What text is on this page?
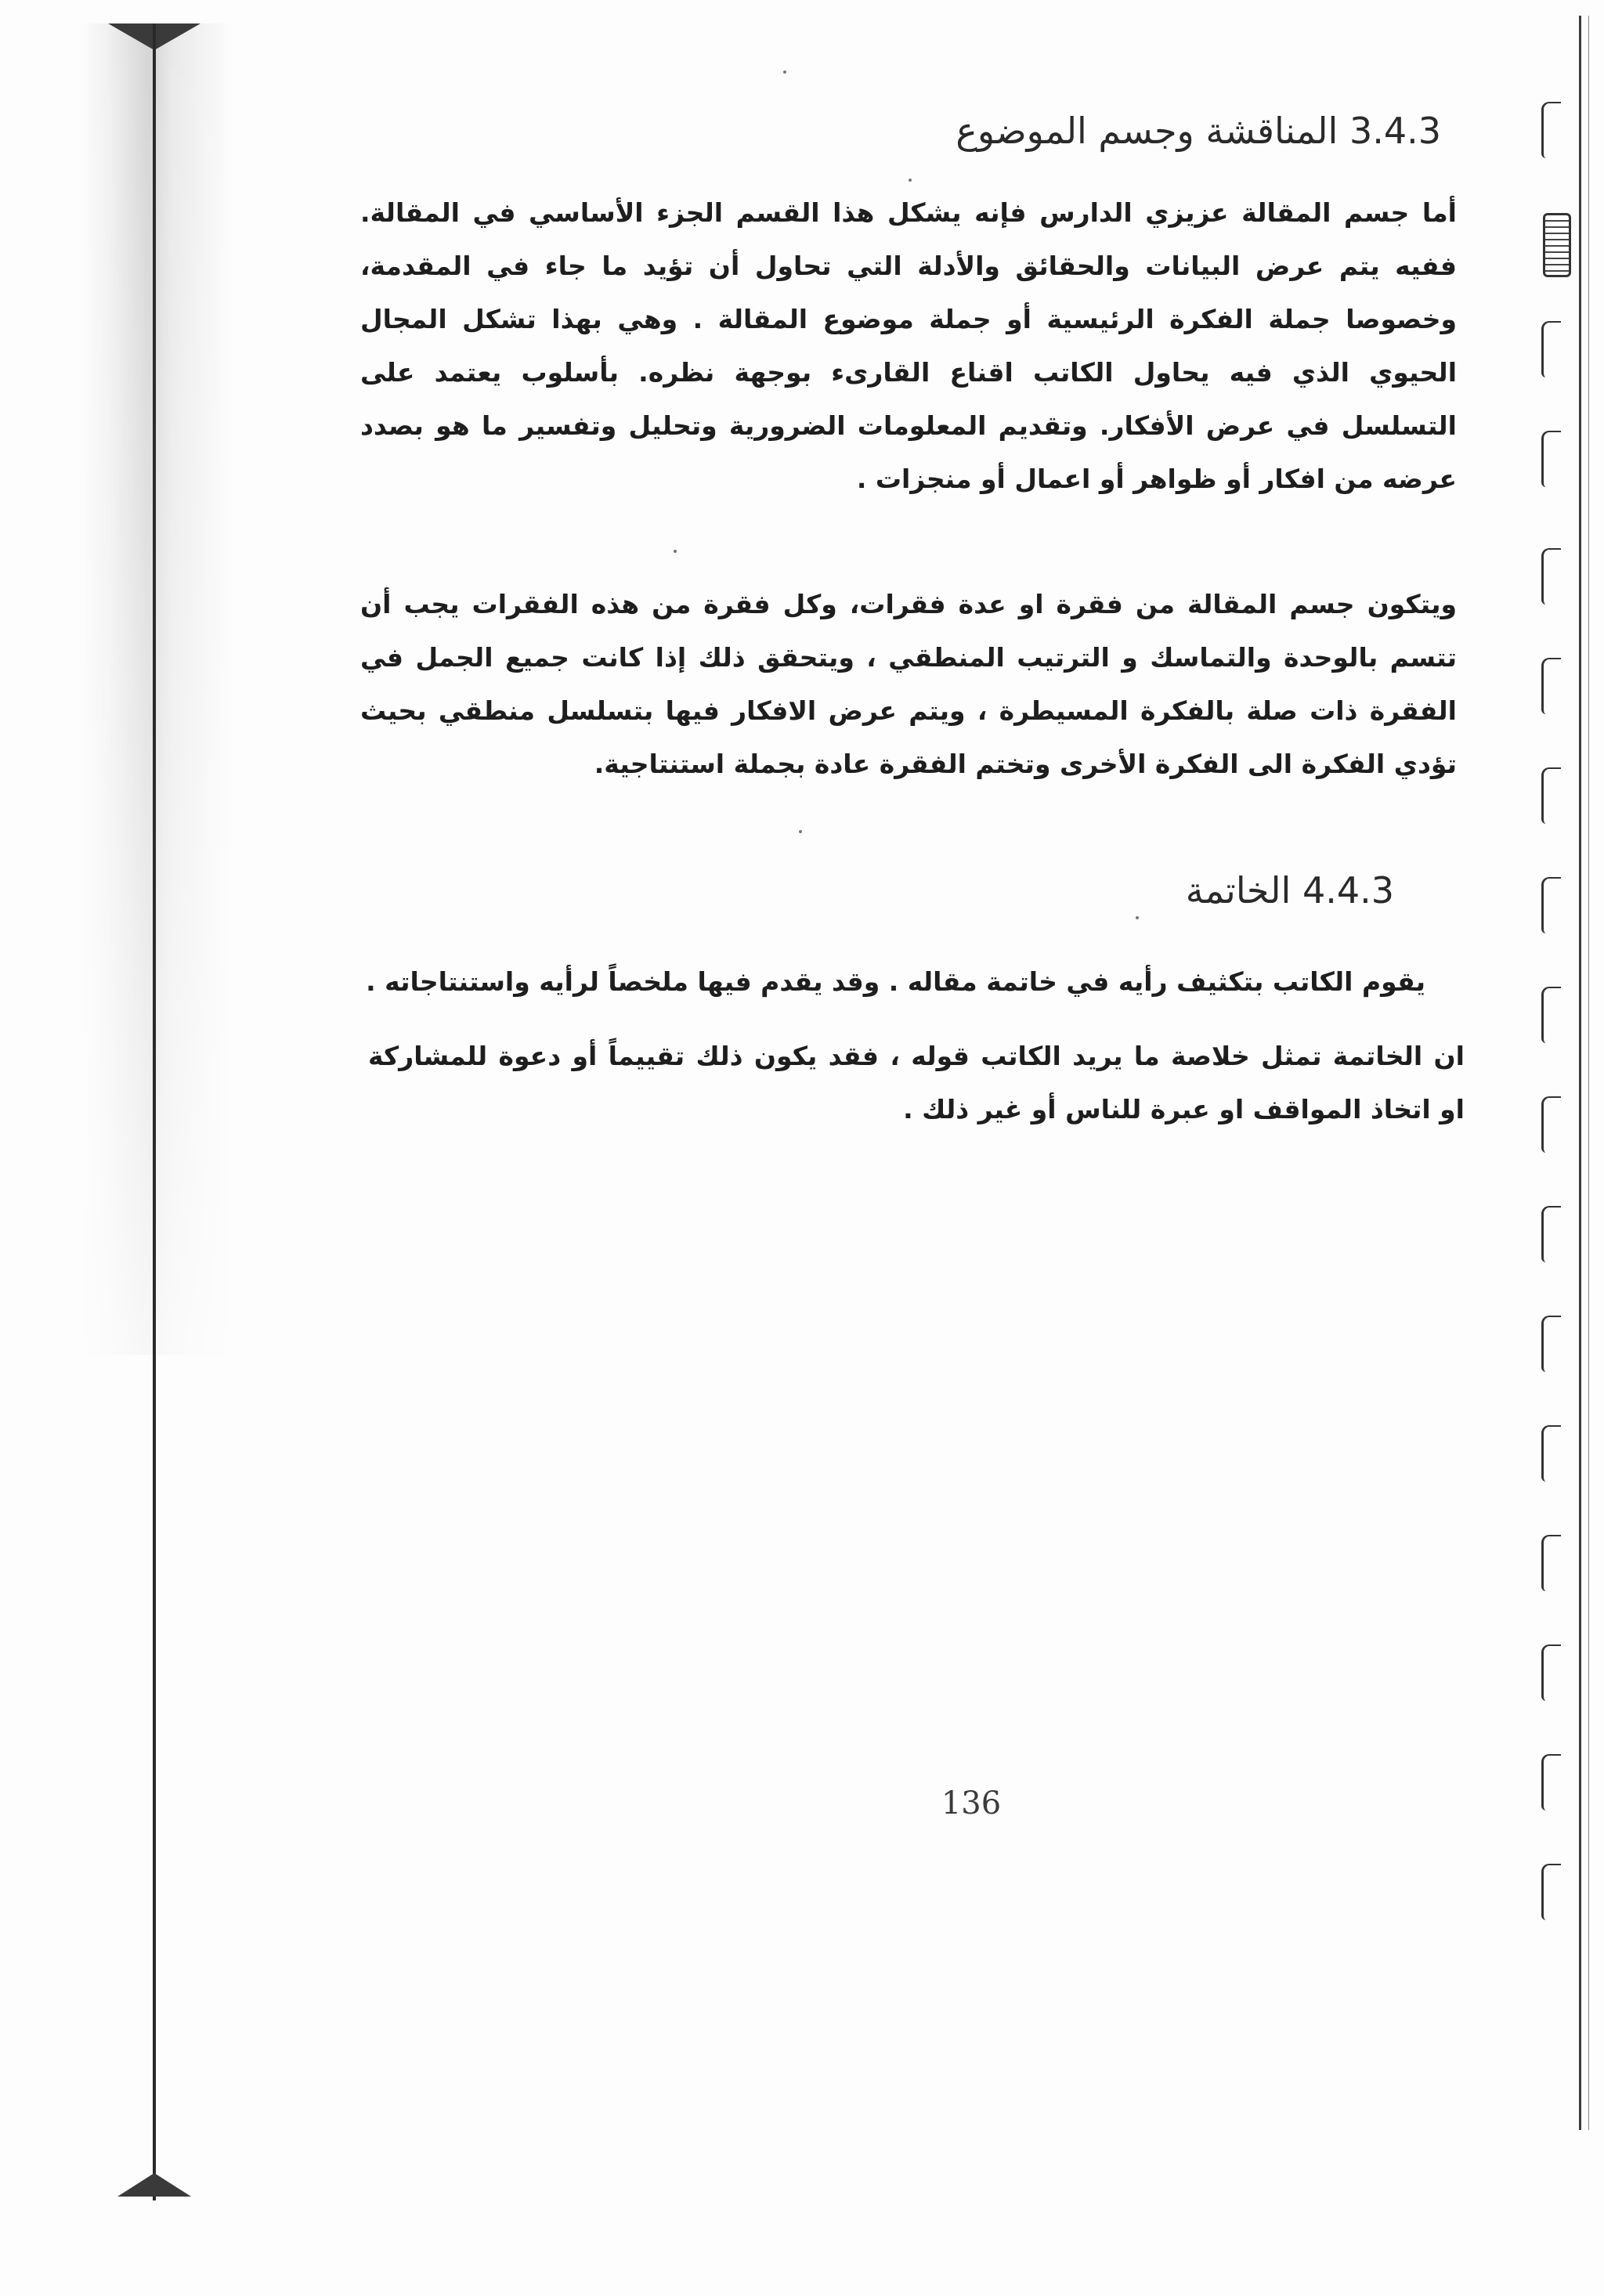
3.4.3 المناقشة وجسم الموضوع
أما جسم المقالة عزيزي الدارس فإنه يشكل هذا القسم الجزء الأساسي في المقالة. ففيه يتم عرض البيانات والحقائق والأدلة التي تحاول أن تؤيد ما جاء في المقدمة، وخصوصا جملة الفكرة الرئيسية أو جملة موضوع المقالة . وهي بهذا تشكل المجال الحيوي الذي فيه يحاول الكاتب اقناع القارىء بوجهة نظره. بأسلوب يعتمد على التسلسل في عرض الأفكار. وتقديم المعلومات الضرورية وتحليل وتفسير ما هو بصدد عرضه من افكار أو ظواهر أو اعمال أو منجزات .
ويتكون جسم المقالة من فقرة او عدة فقرات، وكل فقرة من هذه الفقرات يجب أن تتسم بالوحدة والتماسك و الترتيب المنطقي ، ويتحقق ذلك إذا كانت جميع الجمل في الفقرة ذات صلة بالفكرة المسيطرة ، ويتم عرض الافكار فيها بتسلسل منطقي بحيث تؤدي الفكرة الى الفكرة الأخرى وتختم الفقرة عادة بجملة استنتاجية.
4.4.3 الخاتمة
يقوم الكاتب بتكثيف رأيه في خاتمة مقاله . وقد يقدم فيها ملخصاً لرأيه واستنتاجاته .
ان الخاتمة تمثل خلاصة ما يريد الكاتب قوله ، فقد يكون ذلك تقييماً أو دعوة للمشاركة او اتخاذ المواقف او عبرة للناس أو غير ذلك .
136
